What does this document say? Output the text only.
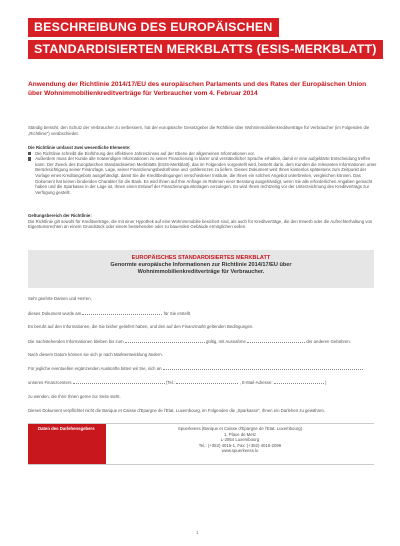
BESCHREIBUNG DES EUROPÄISCHEN
STANDARDISIERTEN MERKBLATTS (ESIS-MERKBLATT)
Anwendung der Richtlinie 2014/17/EU des europäischen Parlaments und des Rates der Europäischen Union über Wohnimmobilienkreditverträge für Verbraucher vom 4. Februar 2014
Ständig bemüht, den Schutz der Verbraucher zu verbessern, hat der europäische Gesetzgeber die Richtlinie über Wohnimmobilienkreditverträge für Verbraucher (im Folgenden die „Richtlinie“) verabschiedet.
Die Richtlinie umfasst zwei wesentliche Elemente:
Die Richtlinie schreibt die Einführung des effektiven Jahreszinses auf der Ebene der allgemeinen Informationen vor.
Außerdem muss der Kunde alle notwendigen Informationen zu seiner Finanzierung in klarer und verständlicher Sprache erhalten, damit er eine aufgeklärte Entscheidung treffen kann. Der Zweck des Europäischen Standardisierten Merkblatts (ESIS-Merkblatt), das im Folgenden vorgestellt wird, besteht darin, dem Kunden die relevanten Informationen unter Berücksichtigung seiner Finanzlage, Lage, seiner Finanzierungsbedürfnisse und -präferenzen zu liefern. Dieses Dokument wird Ihnen kostenlos spätestens zum Zeitpunkt der Vorlage eines Kreditangebots ausgehändigt, damit Sie die Kreditbedingungen verschiedener Institute, die Ihnen ein solches Angebot unterbreiten, vergleichen können. Das Dokument hat keinen bindenden Charakter für die Bank. Es wird Ihnen auf Ihre Anfrage im Rahmen einer Beratung ausgehändigt, wenn Sie alle erforderlichen Angaben gemacht haben und die Sparkasse in der Lage ist, Ihnen einen Entwurf der Finanzierungsunterlagen vorzulegen. Es wird Ihnen rechtzeitig vor der Unterzeichnung des Kreditvertrags zur Verfügung gestellt.
Geltungsbereich der Richtlinie:
Die Richtlinie gilt sowohl für Kreditverträge, die mit einer Hypothek auf eine Wohnimmobilie besichert sind, als auch für Kreditverträge, die den Erwerb oder die Aufrechterhaltung von Eigentumsrechten an einem Grundstück oder einem bestehenden oder zu bauenden Gebäude ermöglichen sollen.
EUROPÄISCHES STANDARDISIERTES MERKBLATT
Genormte europäische Informationen zur Richtlinie 2014/17/EU über
Wohnimmobilienkreditverträge für Verbraucher.
Sehr geehrte Damen und Herren,
dieses Dokument wurde am	für Sie erstellt.
Es beruht auf den Informationen, die Sie bisher geliefert haben, und den auf den Finanzmarkt geltenden Bedingungen.
Die nachstehenden Informationen bleiben bis zum	gültig, mit Ausnahme	der anderen Gebühren.
Nach diesem Datum können sie sich je nach Marktentwicklung ändern.
Für jegliche eventuellen ergänzenden Auskünfte bitten wir Sie, sich an
unseres Finanzcenters	(Tel.:	, E-Mail-Adresse:	)
zu wenden, die Ihr/e Ihnen gerne zur Seite steht.
Dieses Dokument verpflichtet nicht die Banque et Caisse d'Epargne de l'Etat, Luxembourg, im Folgenden die „Sparkasse“, Ihnen ein Darlehen zu gewähren.
Daten des Darlehensgebers	Spuerkeess (Banque et Caisse d'Epargne de l'Etat, Luxembourg)
1, Place de Metz
L-2954 Luxembourg
Tel.: (+352) 4015-1, Fax: (+352) 4015-2099
www.spuerkeess.lu
1
